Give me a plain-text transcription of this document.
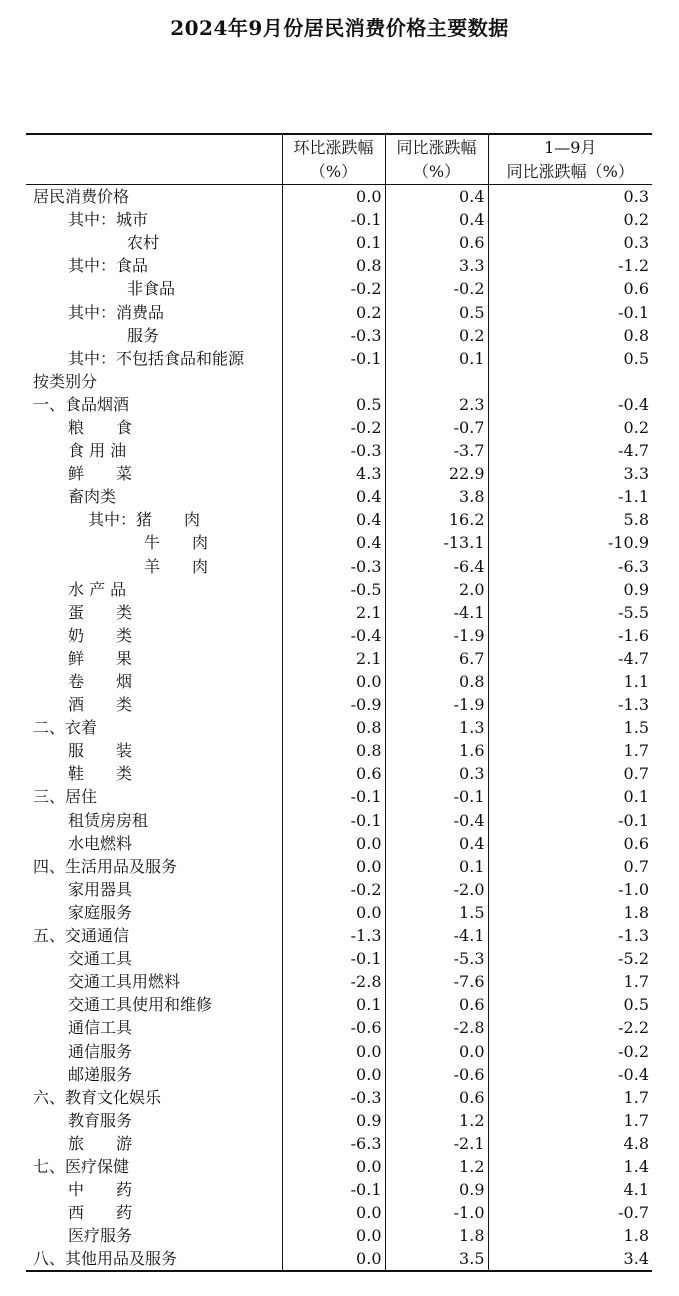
2024年9月份居民消费价格主要数据
	环比涨跌幅	同比涨跌幅	1—9月
	（%）	（%）	同比涨跌幅（%）
居民消费价格	0.0	0.4	0.3
其中：城市	-0.1	0.4	0.2
农村	0.1	0.6	0.3
其中：食品	0.8	3.3	-1.2
非食品	-0.2	-0.2	0.6
其中：消费品	0.2	0.5	-0.1
服务	-0.3	0.2	0.8
其中：不包括食品和能源	-0.1	0.1	0.5
按类别分			
一、食品烟酒	0.5	2.3	-0.4
粮　　食	-0.2	-0.7	0.2
食 用 油	-0.3	-3.7	-4.7
鲜　　菜	4.3	22.9	3.3
畜肉类	0.4	3.8	-1.1
其中：猪　　肉	0.4	16.2	5.8
牛　　肉	0.4	-13.1	-10.9
羊　　肉	-0.3	-6.4	-6.3
水 产 品	-0.5	2.0	0.9
蛋　　类	2.1	-4.1	-5.5
奶　　类	-0.4	-1.9	-1.6
鲜　　果	2.1	6.7	-4.7
卷　　烟	0.0	0.8	1.1
酒　　类	-0.9	-1.9	-1.3
二、衣着	0.8	1.3	1.5
服　　装	0.8	1.6	1.7
鞋　　类	0.6	0.3	0.7
三、居住	-0.1	-0.1	0.1
租赁房房租	-0.1	-0.4	-0.1
水电燃料	0.0	0.4	0.6
四、生活用品及服务	0.0	0.1	0.7
家用器具	-0.2	-2.0	-1.0
家庭服务	0.0	1.5	1.8
五、交通通信	-1.3	-4.1	-1.3
交通工具	-0.1	-5.3	-5.2
交通工具用燃料	-2.8	-7.6	1.7
交通工具使用和维修	0.1	0.6	0.5
通信工具	-0.6	-2.8	-2.2
通信服务	0.0	0.0	-0.2
邮递服务	0.0	-0.6	-0.4
六、教育文化娱乐	-0.3	0.6	1.7
教育服务	0.9	1.2	1.7
旅　　游	-6.3	-2.1	4.8
七、医疗保健	0.0	1.2	1.4
中　　药	-0.1	0.9	4.1
西　　药	0.0	-1.0	-0.7
医疗服务	0.0	1.8	1.8
八、其他用品及服务	0.0	3.5	3.4
